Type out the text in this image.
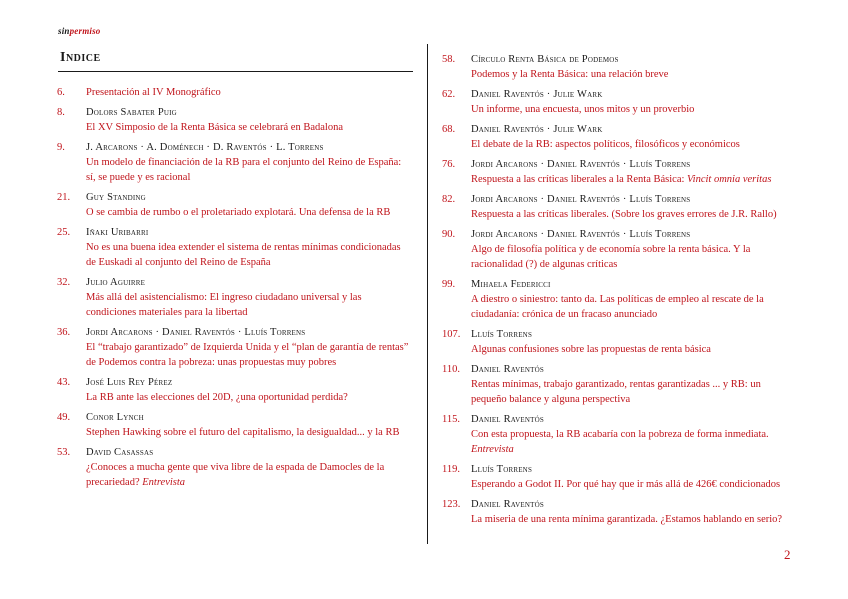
sinpermiso
Indice
6.	Presentación al IV Monográfico
8.	Dolors Sabater Puig
El XV Simposio de la Renta Básica se celebrará en Badalona
9.	J. Arcarons · A. Doménech · D. Raventós · L. Torrens
Un modelo de financiación de la RB para el conjunto del Reino de España: sí, se puede y es racional
21.	Guy Standing
O se cambia de rumbo o el proletariado explotará. Una defensa de la RB
25.	Iñaki Uribarri
No es una buena idea extender el sistema de rentas mínimas condicionadas de Euskadi al conjunto del Reino de España
32.	Julio Aguirre
Más allá del asistencialismo: El ingreso ciudadano universal y las condiciones materiales para la libertad
36.	Jordi Arcarons · Daniel Raventós · Lluís Torrens
El “trabajo garantizado” de Izquierda Unida y el “plan de garantía de rentas” de Podemos contra la pobreza: unas propuestas muy pobres
43.	José Luis Rey Pérez
La RB ante las elecciones del 20D, ¿una oportunidad perdida?
49.	Conor Lynch
Stephen Hawking sobre el futuro del capitalismo, la desigualdad... y la RB
53.	David Casassas
¿Conoces a mucha gente que viva libre de la espada de Damocles de la precariedad? Entrevista
58.	Círculo Renta Básica de Podemos
Podemos y la Renta Básica: una relación breve
62.	Daniel Raventós · Julie Wark
Un informe, una encuesta, unos mitos y un proverbio
68.	Daniel Raventós · Julie Wark
El debate de la RB: aspectos políticos, filosóficos y económicos
76.	Jordi Arcarons · Daniel Raventós · Lluís Torrens
Respuesta a las críticas liberales a la Renta Básica: Vincit omnia veritas
82.	Jordi Arcarons · Daniel Raventós · Lluís Torrens
Respuesta a las críticas liberales. (Sobre los graves errores de J.R. Rallo)
90.	Jordi Arcarons · Daniel Raventós · Lluís Torrens
Algo de filosofía política y de economía sobre la renta básica. Y la racionalidad (?) de algunas críticas
99.	Mihaela Federicci
A diestro o siniestro: tanto da. Las políticas de empleo al rescate de la ciudadanía: crónica de un fracaso anunciado
107.	Lluís Torrens
Algunas confusiones sobre las propuestas de renta básica
110.	Daniel Raventós
Rentas mínimas, trabajo garantizado, rentas garantizadas ... y RB: un pequeño balance y alguna perspectiva
115.	Daniel Raventós
Con esta propuesta, la RB acabaría con la pobreza de forma inmediata. Entrevista
119.	Lluís Torrens
Esperando a Godot II. Por qué hay que ir más allá de 426€ condicionados
123.	Daniel Raventós
La miseria de una renta mínima garantizada. ¿Estamos hablando en serio?
2
